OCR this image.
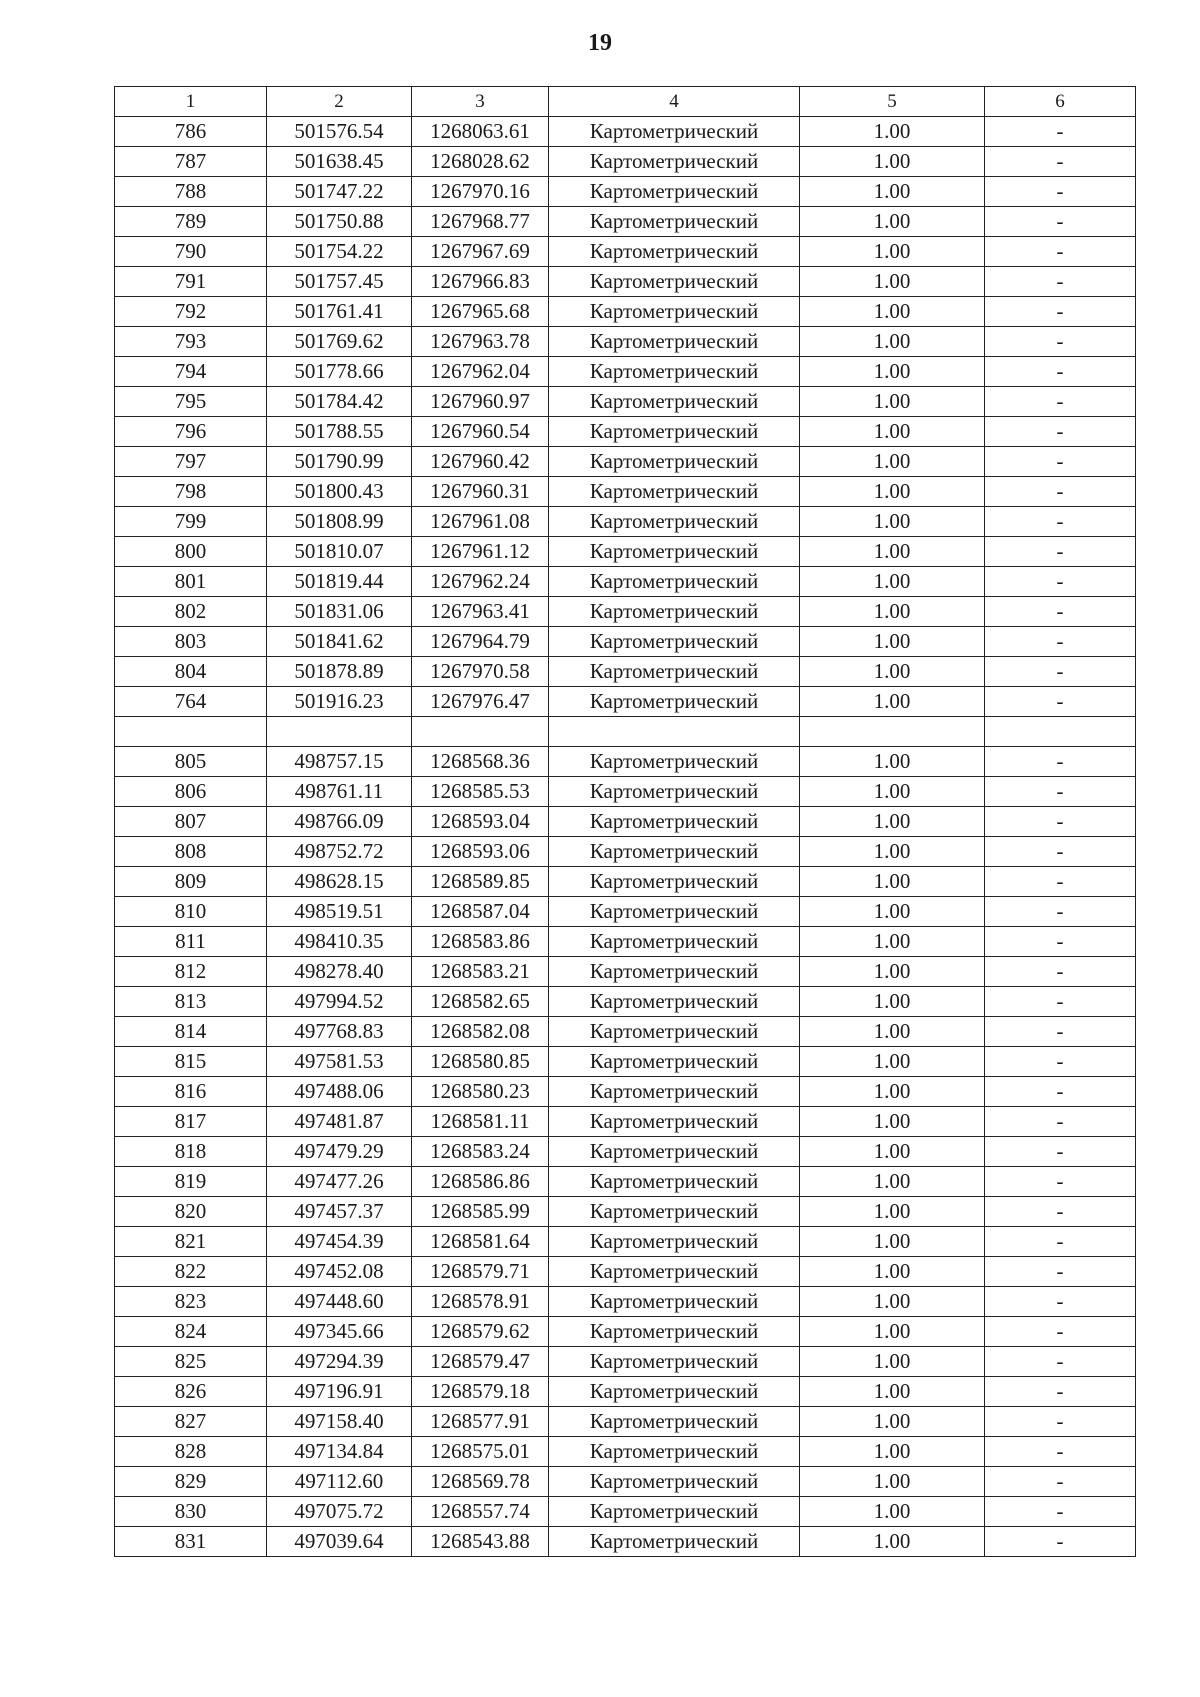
19
1	2	3	4	5	6
786	501576.54	1268063.61	Картометрический	1.00	-
787	501638.45	1268028.62	Картометрический	1.00	-
788	501747.22	1267970.16	Картометрический	1.00	-
789	501750.88	1267968.77	Картометрический	1.00	-
790	501754.22	1267967.69	Картометрический	1.00	-
791	501757.45	1267966.83	Картометрический	1.00	-
792	501761.41	1267965.68	Картометрический	1.00	-
793	501769.62	1267963.78	Картометрический	1.00	-
794	501778.66	1267962.04	Картометрический	1.00	-
795	501784.42	1267960.97	Картометрический	1.00	-
796	501788.55	1267960.54	Картометрический	1.00	-
797	501790.99	1267960.42	Картометрический	1.00	-
798	501800.43	1267960.31	Картометрический	1.00	-
799	501808.99	1267961.08	Картометрический	1.00	-
800	501810.07	1267961.12	Картометрический	1.00	-
801	501819.44	1267962.24	Картометрический	1.00	-
802	501831.06	1267963.41	Картометрический	1.00	-
803	501841.62	1267964.79	Картометрический	1.00	-
804	501878.89	1267970.58	Картометрический	1.00	-
764	501916.23	1267976.47	Картометрический	1.00	-

805	498757.15	1268568.36	Картометрический	1.00	-
806	498761.11	1268585.53	Картометрический	1.00	-
807	498766.09	1268593.04	Картометрический	1.00	-
808	498752.72	1268593.06	Картометрический	1.00	-
809	498628.15	1268589.85	Картометрический	1.00	-
810	498519.51	1268587.04	Картометрический	1.00	-
811	498410.35	1268583.86	Картометрический	1.00	-
812	498278.40	1268583.21	Картометрический	1.00	-
813	497994.52	1268582.65	Картометрический	1.00	-
814	497768.83	1268582.08	Картометрический	1.00	-
815	497581.53	1268580.85	Картометрический	1.00	-
816	497488.06	1268580.23	Картометрический	1.00	-
817	497481.87	1268581.11	Картометрический	1.00	-
818	497479.29	1268583.24	Картометрический	1.00	-
819	497477.26	1268586.86	Картометрический	1.00	-
820	497457.37	1268585.99	Картометрический	1.00	-
821	497454.39	1268581.64	Картометрический	1.00	-
822	497452.08	1268579.71	Картометрический	1.00	-
823	497448.60	1268578.91	Картометрический	1.00	-
824	497345.66	1268579.62	Картометрический	1.00	-
825	497294.39	1268579.47	Картометрический	1.00	-
826	497196.91	1268579.18	Картометрический	1.00	-
827	497158.40	1268577.91	Картометрический	1.00	-
828	497134.84	1268575.01	Картометрический	1.00	-
829	497112.60	1268569.78	Картометрический	1.00	-
830	497075.72	1268557.74	Картометрический	1.00	-
831	497039.64	1268543.88	Картометрический	1.00	-
